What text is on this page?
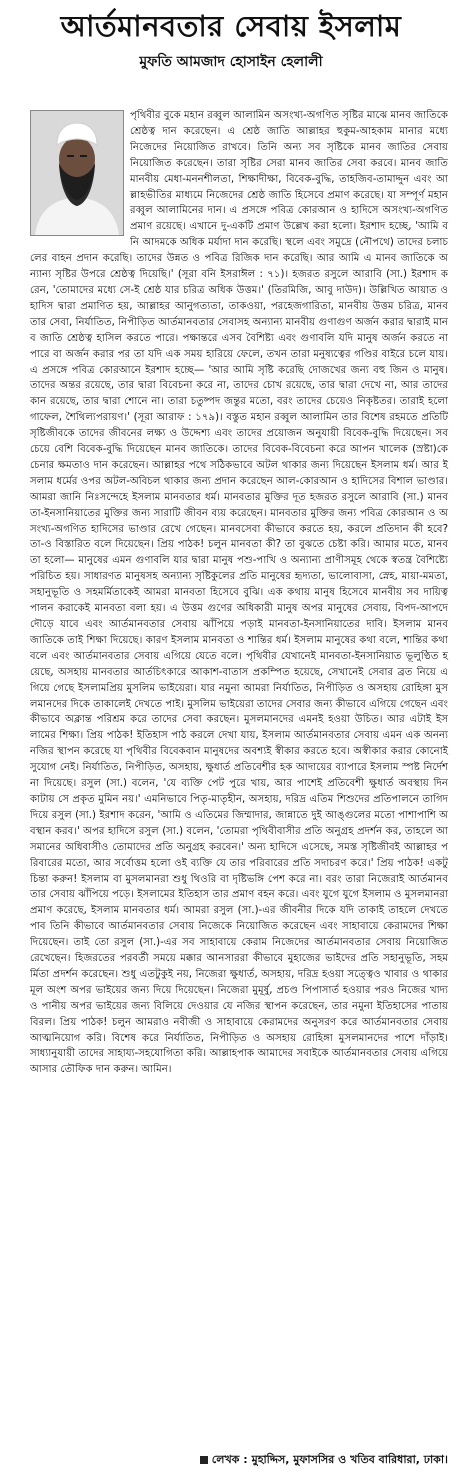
আর্তমানবতার সেবায় ইসলাম
মুফতি আমজাদ হোসাইন হেলালী
পৃথিবীর বুকে মহান রব্বুল আলামিন অসংখ্য-অগণিত সৃষ্টির মাঝে মানব জাতিকে শ্রেষ্ঠত্ব দান করেছেন। এ শ্রেষ্ঠ জাতি আল্লাহর হুকুম-আহকাম মানার মধ্যে নিজেদের নিয়োজিত রাখবে। তিনি অন্য সব সৃষ্টিকে মানব জাতির সেবায় নিয়োজিত করেছেন। তারা সৃষ্টির সেরা মানব জাতির সেবা করবে। মানব জাতি মানবীয় মেধা-মননশীলতা, শিক্ষাদীক্ষা, বিবেক-বুদ্ধি, তাহজিব-তামাদ্দুন এবং আল্লাহভীতির মাধ্যমে নিজেদের শ্রেষ্ঠ জাতি হিসেবে প্রমাণ করেছে। যা সম্পূর্ণ মহান রব্বুল আলামিনের দান। এ প্রসঙ্গে পবিত্র কোরআন ও হাদিসে অসংখ্য-অগণিত প্রমাণ রয়েছে। এখানে দু-একটি প্রমাণ উল্লেখ করা হলো। ইরশাদ হচ্ছে, 'আমি বনি আদমকে অধিক মর্যাদা দান করেছি। স্থলে এবং সমুদ্রে (নৌপথে) তাদের চলাচলের বাহন প্রদান করেছি। তাদের উন্নত ও পবিত্র রিজিক দান করেছি। আর আমি এ মানব জাতিকে অন্যান্য সৃষ্টির উপরে শ্রেষ্ঠত্ব দিয়েছি।' (সূরা বনি ইসরাঈল : ৭১)। হজরত রসুলে আরাবি (সা.) ইরশাদ করেন, 'তোমাদের মধ্যে সে-ই শ্রেষ্ঠ যার চরিত্র অধিক উত্তম।' (তিরমিজি, আবু দাউদ)। উল্লিখিত আয়াত ও হাদিস দ্বারা প্রমাণিত হয়, আল্লাহর আনুগত্যতা, তাকওয়া, পরহেজগারিতা, মানবীয় উত্তম চরিত্র, মানবতার সেবা, নির্যাতিত, নিপীড়িত আর্তমানবতার সেবাসহ অন্যান্য মানবীয় গুণাগুণ অর্জন করার দ্বারাই মানব জাতি শ্রেষ্ঠত্ব হাসিল করতে পারে। পক্ষান্তরে এসব বৈশিষ্ট্য এবং গুণাবলি যদি মানুষ অর্জন করতে না পারে বা অর্জন করার পর তা যদি এক সময় হারিয়ে ফেলে, তখন তারা মনুষ্যত্বের গণ্ডির বাইরে চলে যায়। এ প্রসঙ্গে পবিত্র কোরআনে ইরশাদ হচ্ছে— 'আর আমি সৃষ্টি করেছি দোজখের জন্য বহু জিন ও মানুষ। তাদের অন্তর রয়েছে, তার দ্বারা বিবেচনা করে না, তাদের চোখ রয়েছে, তার দ্বারা দেখে না, আর তাদের কান রয়েছে, তার দ্বারা শোনে না। তারা চতুষ্পদ জন্তুর মতো, বরং তাদের চেয়েও নিকৃষ্টতর। তারাই হলো গাফেল, শৈথিল্যপরায়ণ।' (সূরা আরাফ : ১৭৯)। বস্তুত মহান রব্বুল আলামিন তার বিশেষ রহমতে প্রতিটি সৃষ্টিজীবকে তাদের জীবনের লক্ষ্য ও উদ্দেশ্য এবং তাদের প্রয়োজন অনুযায়ী বিবেক-বুদ্ধি দিয়েছেন। সবচেয়ে বেশি বিবেক-বুদ্ধি দিয়েছেন মানব জাতিকে। তাদের বিবেক-বিবেচনা করে আপন খালেক (স্রষ্টা)কে চেনার ক্ষমতাও দান করেছেন। আল্লাহর পথে সঠিকভাবে অটল থাকার জন্য দিয়েছেন ইসলাম ধর্ম। আর ইসলাম ধর্মের ওপর অটল-অবিচল থাকার জন্য প্রদান করেছেন আল-কোরআন ও হাদিসের বিশাল ভাণ্ডার। আমরা জানি নিঃসন্দেহে ইসলাম মানবতার ধর্ম। মানবতার মুক্তির দূত হজরত রসুলে আরাবি (সা.) মানবতা-ইনসানিয়াতের মুক্তির জন্য সারাটি জীবন ব্যয় করেছেন। মানবতার মুক্তির জন্য পবিত্র কোরআন ও অসংখ্য-অগণিত হাদিসের ভাণ্ডার রেখে গেছেন। মানবসেবা কীভাবে করতে হয়, করলে প্রতিদান কী হবে? তা-ও বিস্তারিত বলে দিয়েছেন। প্রিয় পাঠক! চলুন মানবতা কী? তা বুঝতে চেষ্টা করি। আমার মতে, মানবতা হলো— মানুষের এমন গুণাবলি যার দ্বারা মানুষ পশু-পাখি ও অন্যান্য প্রাণীসমূহ থেকে স্বতন্ত্র বৈশিষ্ট্যে পরিচিত হয়। সাধারণত মানুষসহ অন্যান্য সৃষ্টিকুলের প্রতি মানুষের হৃদ্যতা, ভালোবাসা, স্নেহ, মায়া-মমতা, সহানুভূতি ও সহমর্মিতাকেই আমরা মানবতা হিসেবে বুঝি। এক কথায় মানুষ হিসেবে মানবীয় সব দায়িত্ব পালন করাকেই মানবতা বলা হয়। এ উত্তম গুণের অধিকারী মানুষ অপর মানুষের সেবায়, বিপদ-আপদে দৌড়ে যাবে এবং আর্তমানবতার সেবায় ঝাঁপিয়ে পড়াই মানবতা-ইনসানিয়াতের দাবি। ইসলাম মানব জাতিকে তাই শিক্ষা দিয়েছে। কারণ ইসলাম মানবতা ও শান্তির ধর্ম। ইসলাম মানুষের কথা বলে, শান্তির কথা বলে এবং আর্তমানবতার সেবায় এগিয়ে যেতে বলে। পৃথিবীর যেখানেই মানবতা-ইনসানিয়াত ভূলুণ্ঠিত হয়েছে, অসহায় মানবতার আর্তচিৎকারে আকাশ-বাতাস প্রকম্পিত হয়েছে, সেখানেই সেবার ব্রত নিয়ে এগিয়ে গেছে ইসলামপ্রিয় মুসলিম ভাইয়েরা। যার নমুনা আমরা নির্যাতিত, নিপীড়িত ও অসহায় রোহিঙ্গা মুসলমানদের দিকে তাকালেই দেখতে পাই। মুসলিম ভাইয়েরা তাদের সেবার জন্য কীভাবে এগিয়ে গেছেন এবং কীভাবে অক্লান্ত পরিশ্রম করে তাদের সেবা করছেন। মুসলমানদের এমনই হওয়া উচিত। আর এটাই ইসলামের শিক্ষা। প্রিয় পাঠক! ইতিহাস পাঠ করলে দেখা যায়, ইসলাম আর্তমানবতার সেবায় এমন এক অনন্য নজির স্থাপন করেছে যা পৃথিবীর বিবেকবান মানুষদের অবশ্যই স্বীকার করতে হবে। অস্বীকার করার কোনোই সুযোগ নেই। নির্যাতিত, নিপীড়িত, অসহায়, ক্ষুধার্ত প্রতিবেশীর হক আদায়ের ব্যাপারে ইসলাম স্পষ্ট নির্দেশনা দিয়েছে। রসুল (সা.) বলেন, 'যে ব্যক্তি পেট পুরে খায়, আর পাশেই প্রতিবেশী ক্ষুধার্ত অবস্থায় দিন কাটায় সে প্রকৃত মুমিন নয়।' এমনিভাবে পিতৃ-মাতৃহীন, অসহায়, দরিদ্র এতিম শিশুদের প্রতিপালনে তাগিদ দিয়ে রসুল (সা.) ইরশাদ করেন, 'আমি ও এতিমের জিম্মাদার, জান্নাতে দুই আঙ্গুলের মতো পাশাপাশি অবস্থান করব।' অপর হাদিসে রসুল (সা.) বলেন, 'তোমরা পৃথিবীবাসীর প্রতি অনুগ্রহ প্রদর্শন কর, তাহলে আসমানের অধিবাসীও তোমাদের প্রতি অনুগ্রহ করবেন।' অন্য হাদিসে এসেছে, সমস্ত সৃষ্টিজীবই আল্লাহর পরিবারের মতো, আর সর্বোত্তম হলো ওই ব্যক্তি যে তার পরিবারের প্রতি সদাচরণ করে।' প্রিয় পাঠক! একটু চিন্তা করুন! ইসলাম বা মুসলমানরা শুধু থিওরি বা দৃষ্টিভঙ্গি পেশ করে না। বরং তারা নিজেরাই আর্তমানবতার সেবায় ঝাঁপিয়ে পড়ে। ইসলামের ইতিহাস তার প্রমাণ বহন করে। এবং যুগে যুগে ইসলাম ও মুসলমানরা প্রমাণ করেছে, ইসলাম মানবতার ধর্ম। আমরা রসুল (সা.)-এর জীবনীর দিকে যদি তাকাই তাহলে দেখতে পাব তিনি কীভাবে আর্তমানবতার সেবায় নিজেকে নিয়োজিত করেছেন এবং সাহাবায়ে কেরামদের শিক্ষা দিয়েছেন। তাই তো রসুল (সা.)-এর সব সাহাবায়ে কেরাম নিজেদের আর্তমানবতার সেবায় নিয়োজিত রেখেছেন। হিজরতের পরবর্তী সময়ে মক্কার আনসাররা কীভাবে মুহাজের ভাইদের প্রতি সহানুভূতি, সহমর্মিতা প্রদর্শন করেছেন। শুধু এতটুকুই নয়, নিজেরা ক্ষুধার্ত, অসহায়, দরিদ্র হওয়া সত্ত্বেও খাবার ও থাকার মূল অংশ অপর ভাইয়ের জন্য দিয়ে দিয়েছেন। নিজেরা মুমূর্ষু, প্রচণ্ড পিপাসার্ত হওয়ার পরও নিজের খাদ্য ও পানীয় অপর ভাইয়ের জন্য বিলিয়ে দেওয়ার যে নজির স্থাপন করেছেন, তার নমুনা ইতিহাসের পাতায় বিরল। প্রিয় পাঠক! চলুন আমরাও নবীজী ও সাহাবায়ে কেরামদের অনুসরণ করে আর্তমানবতার সেবায় আত্মনিয়োগ করি। বিশেষ করে নির্যাতিত, নিপীড়িত ও অসহায় রোহিঙ্গা মুসলমানদের পাশে দাঁড়াই। সাধ্যানুযায়ী তাদের সাহায্য-সহযোগিতা করি। আল্লাহপাক আমাদের সবাইকে আর্তমানবতার সেবায় এগিয়ে আসার তৌফিক দান করুন। আমিন।
লেখক : মুহাদ্দিস, মুফাসসির ও খতিব বারিধারা, ঢাকা।
